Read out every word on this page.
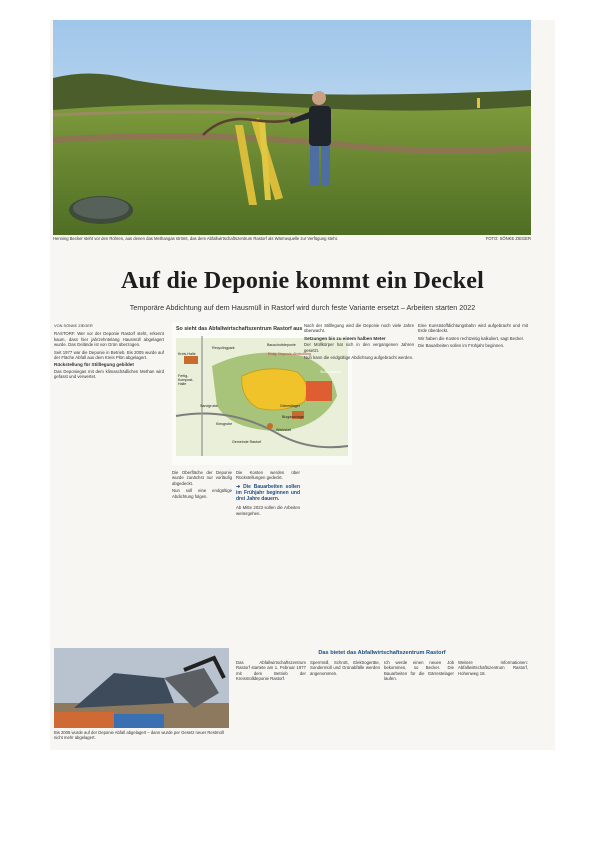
Henning Becker steht vor den Rohren, aus denen das Methangas strömt, das dem Abfallwirtschaftszentrum Rastorf als Wärmequelle zur Verfügung steht.	FOTO: SÖNKE ZIEGER
Auf die Deponie kommt ein Deckel
Temporäre Abdichtung auf dem Hausmüll in Rastorf wird durch feste Variante ersetzt – Arbeiten starten 2022
VON SÖNKE ZIEGER

RASTORF. Wer vor der Deponie Rastorf steht, erkennt kaum, dass hier jahrzehntelang Hausmüll abgelagert wurde. Das Gelände ist von Grün überzogen.

Seit 1977 war die Deponie in Betrieb. Bis 2005 wurde auf der Fläche Abfall aus dem Kreis Plön abgelagert.

Rückstellung für Stilllegung gebildet

Das Deponiegas mit dem klimaschädlichen Methan wird gefasst und verwertet.

So sieht das Abfallwirtschaftszentrum Rastorf aus
Kreis-Halle
Recyclingpark
Bauschuttdeponie
Endg. Deponie-Abdeckung
Fertig-Kompost-Halle
Sickerwasser
Sandgrube	Gärrestlager
Biogasanlage
Kiesgrube
Werkstatt
Gemeinde Rastorf

Die Oberfläche der Deponie wurde zunächst nur vorläufig abgedeckt.

Nun soll eine endgültige Abdichtung folgen.

Die Kosten werden über Rückstellungen gedeckt.

➜ Die Bauarbeiten sollen im Frühjahr beginnen und drei Jahre dauern.

Ab Mitte 2023 sollen die Arbeiten weitergehen.

Nach der Stilllegung wird die Deponie noch viele Jahre überwacht.

Setzungen bis zu einem halben Meter

Der Müllkörper hat sich in den vergangenen Jahren gesetzt.

Nun kann die endgültige Abdichtung aufgebracht werden.

Eine Kunststoffdichtungsbahn wird aufgebracht und mit Erde überdeckt.

Wir haben die Kosten rechtzeitig kalkuliert, sagt Becker.

Die Bauarbeiten sollen im Frühjahr beginnen.

Bis 2005 wurde auf der Deponie Abfall abgelagert – dann wurde per Gesetz neuer Restmüll nicht mehr abgelagert.
Das bietet das Abfallwirtschaftszentrum Rastorf

Das Abfallwirtschaftszentrum Rastorf startete am 1. Februar 1977 mit dem Betrieb der Kreismülldeponie Rastorf.

Sperrmüll, Schrott, Elektrogeräte, Sondermüll und Grünabfälle werden angenommen.

Ich werde einen neuen Job bekommen, so Becker. Die Bauarbeiten für die Gärrestelager laufen.

Weitere Informationen: Abfallwirtschaftszentrum Rastorf, Hohenweg 18.
